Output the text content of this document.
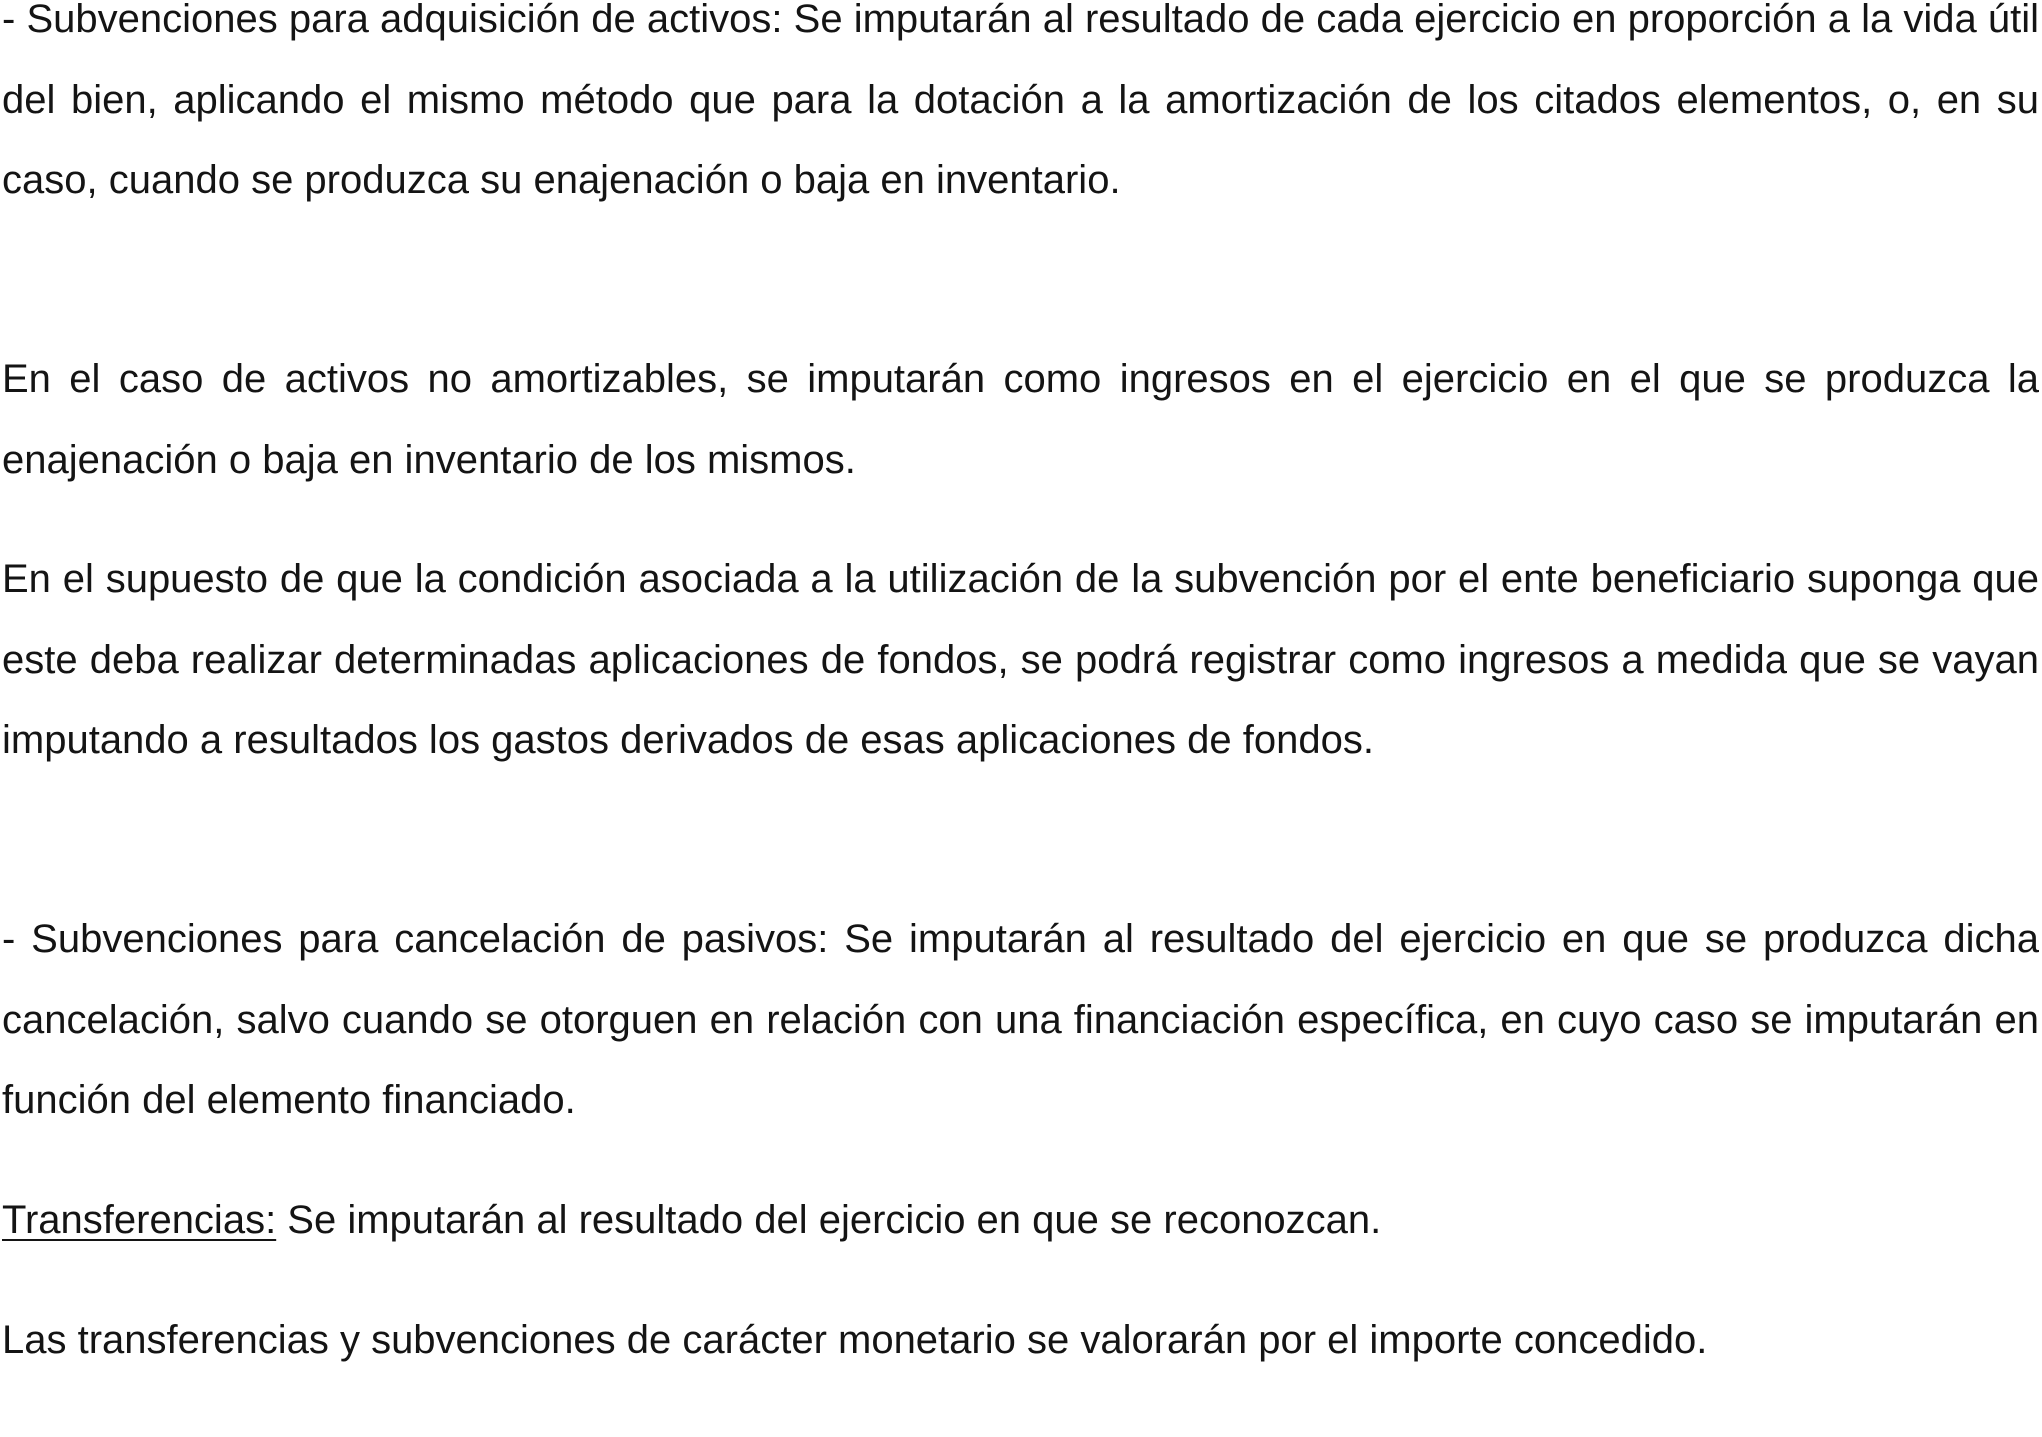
- Subvenciones para adquisición de activos: Se imputarán al resultado de cada ejercicio en proporción a la vida útil del bien, aplicando el mismo método que para la dotación a la amortización de los citados elementos, o, en su caso, cuando se produzca su enajenación o baja en inventario.

En el caso de activos no amortizables, se imputarán como ingresos en el ejercicio en el que se produzca la enajenación o baja en inventario de los mismos.

En el supuesto de que la condición asociada a la utilización de la subvención por el ente beneficiario suponga que este deba realizar determinadas aplicaciones de fondos, se podrá registrar como ingresos a medida que se vayan imputando a resultados los gastos derivados de esas aplicaciones de fondos.

- Subvenciones para cancelación de pasivos: Se imputarán al resultado del ejercicio en que se produzca dicha cancelación, salvo cuando se otorguen en relación con una financiación específica, en cuyo caso se imputarán en función del elemento financiado.

Transferencias: Se imputarán al resultado del ejercicio en que se reconozcan.

Las transferencias y subvenciones de carácter monetario se valorarán por el importe concedido.
